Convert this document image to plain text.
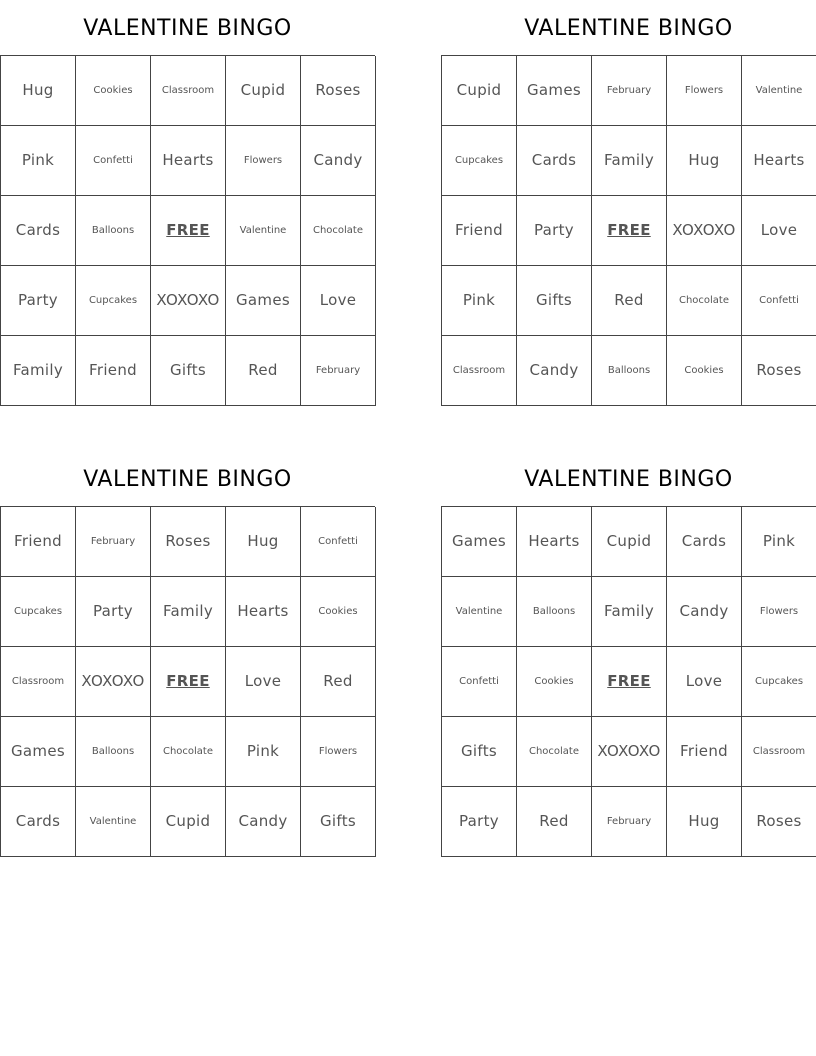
VALENTINE BINGO
Hug	Cookies	Classroom	Cupid	Roses
Pink	Confetti	Hearts	Flowers	Candy
Cards	Balloons	FREE	Valentine	Chocolate
Party	Cupcakes	XOXOXO	Games	Love
Family	Friend	Gifts	Red	February
VALENTINE BINGO
Cupid	Games	February	Flowers	Valentine
Cupcakes	Cards	Family	Hug	Hearts
Friend	Party	FREE	XOXOXO	Love
Pink	Gifts	Red	Chocolate	Confetti
Classroom	Candy	Balloons	Cookies	Roses
VALENTINE BINGO
Friend	February	Roses	Hug	Confetti
Cupcakes	Party	Family	Hearts	Cookies
Classroom	XOXOXO	FREE	Love	Red
Games	Balloons	Chocolate	Pink	Flowers
Cards	Valentine	Cupid	Candy	Gifts
VALENTINE BINGO
Games	Hearts	Cupid	Cards	Pink
Valentine	Balloons	Family	Candy	Flowers
Confetti	Cookies	FREE	Love	Cupcakes
Gifts	Chocolate	XOXOXO	Friend	Classroom
Party	Red	February	Hug	Roses
